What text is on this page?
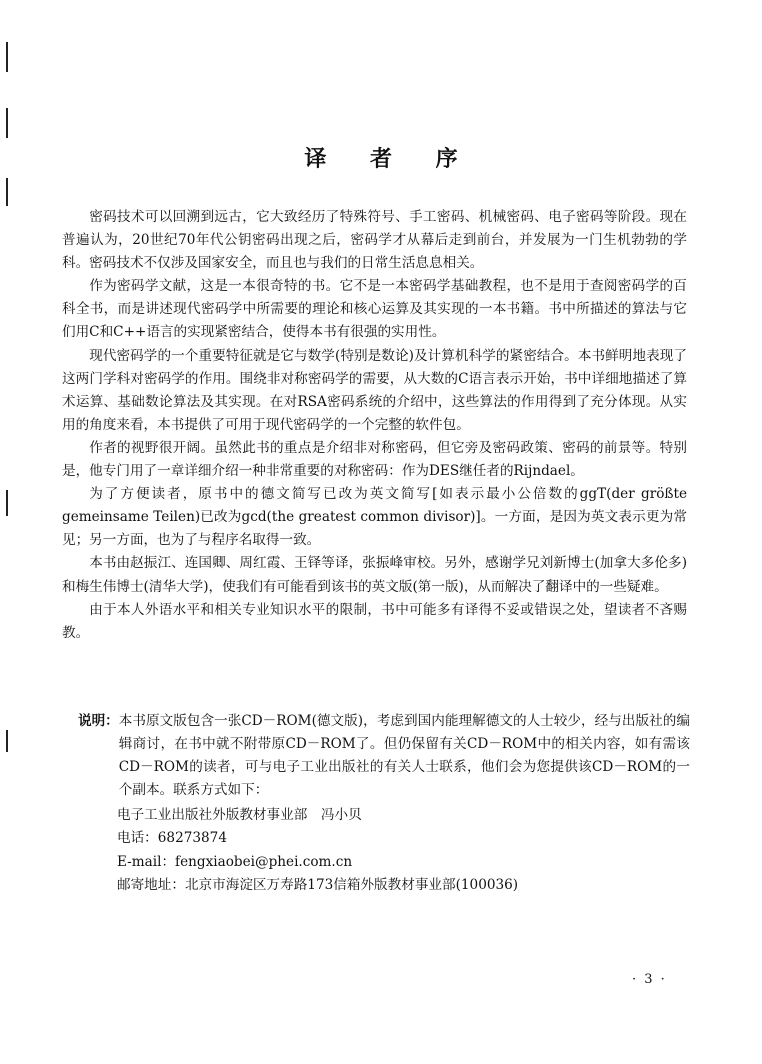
译 者 序

密码技术可以回溯到远古，它大致经历了特殊符号、手工密码、机械密码、电子密码等阶段。现在普遍认为，20世纪70年代公钥密码出现之后，密码学才从幕后走到前台，并发展为一门生机勃勃的学科。密码技术不仅涉及国家安全，而且也与我们的日常生活息息相关。

作为密码学文献，这是一本很奇特的书。它不是一本密码学基础教程，也不是用于查阅密码学的百科全书，而是讲述现代密码学中所需要的理论和核心运算及其实现的一本书籍。书中所描述的算法与它们用C和C++语言的实现紧密结合，使得本书有很强的实用性。

现代密码学的一个重要特征就是它与数学(特别是数论)及计算机科学的紧密结合。本书鲜明地表现了这两门学科对密码学的作用。围绕非对称密码学的需要，从大数的C语言表示开始，书中详细地描述了算术运算、基础数论算法及其实现。在对RSA密码系统的介绍中，这些算法的作用得到了充分体现。从实用的角度来看，本书提供了可用于现代密码学的一个完整的软件包。

作者的视野很开阔。虽然此书的重点是介绍非对称密码，但它旁及密码政策、密码的前景等。特别是，他专门用了一章详细介绍一种非常重要的对称密码：作为DES继任者的Rijndael。

为了方便读者，原书中的德文简写已改为英文简写[如表示最小公倍数的ggT(der größte gemeinsame Teilen)已改为gcd(the greatest common divisor)]。一方面，是因为英文表示更为常见；另一方面，也为了与程序名取得一致。

本书由赵振江、连国卿、周红霞、王铎等译，张振峰审校。另外，感谢学兄刘新博士(加拿大多伦多)和梅生伟博士(清华大学)，使我们有可能看到该书的英文版(第一版)，从而解决了翻译中的一些疑难。

由于本人外语水平和相关专业知识水平的限制，书中可能多有译得不妥或错误之处，望读者不吝赐教。

说明： 本书原文版包含一张CD－ROM(德文版)，考虑到国内能理解德文的人士较少，经与出版社的编辑商讨，在书中就不附带原CD－ROM了。但仍保留有关CD－ROM中的相关内容，如有需该CD－ROM的读者，可与电子工业出版社的有关人士联系，他们会为您提供该CD－ROM的一个副本。联系方式如下：
电子工业出版社外版教材事业部　冯小贝
电话：68273874
E-mail：fengxiaobei@phei.com.cn
邮寄地址：北京市海淀区万寿路173信箱外版教材事业部(100036)
· 3 ·
